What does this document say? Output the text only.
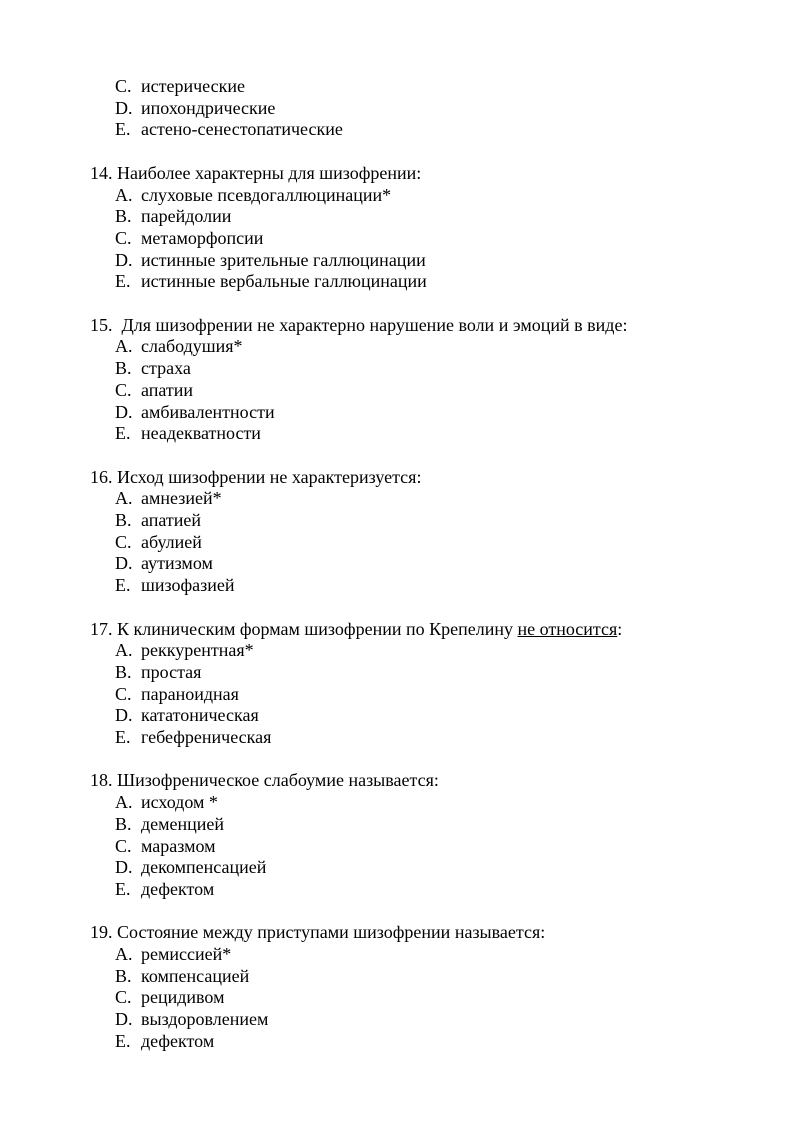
C. истерические
D. ипохондрические
E. астено-сенестопатические
14. Наиболее характерны для шизофрении:
A. слуховые псевдогаллюцинации*
B. парейдолии
C. метаморфопсии
D. истинные зрительные галлюцинации
E. истинные вербальные галлюцинации
15.  Для шизофрении не характерно нарушение воли и эмоций в виде:
A. слабодушия*
B. страха
C. апатии
D. амбивалентности
E. неадекватности
16. Исход шизофрении не характеризуется:
A. амнезией*
B. апатией
C. абулией
D. аутизмом
E. шизофазией
17. К клиническим формам шизофрении по Крепелину не относится:
A. реккурентная*
B. простая
C. параноидная
D. кататоническая
E. гебефреническая
18. Шизофреническое слабоумие называется:
A. исходом *
B. деменцией
C. маразмом
D. декомпенсацией
E. дефектом
19. Состояние между приступами шизофрении называется:
A. ремиссией*
B. компенсацией
C. рецидивом
D. выздоровлением
E. дефектом
